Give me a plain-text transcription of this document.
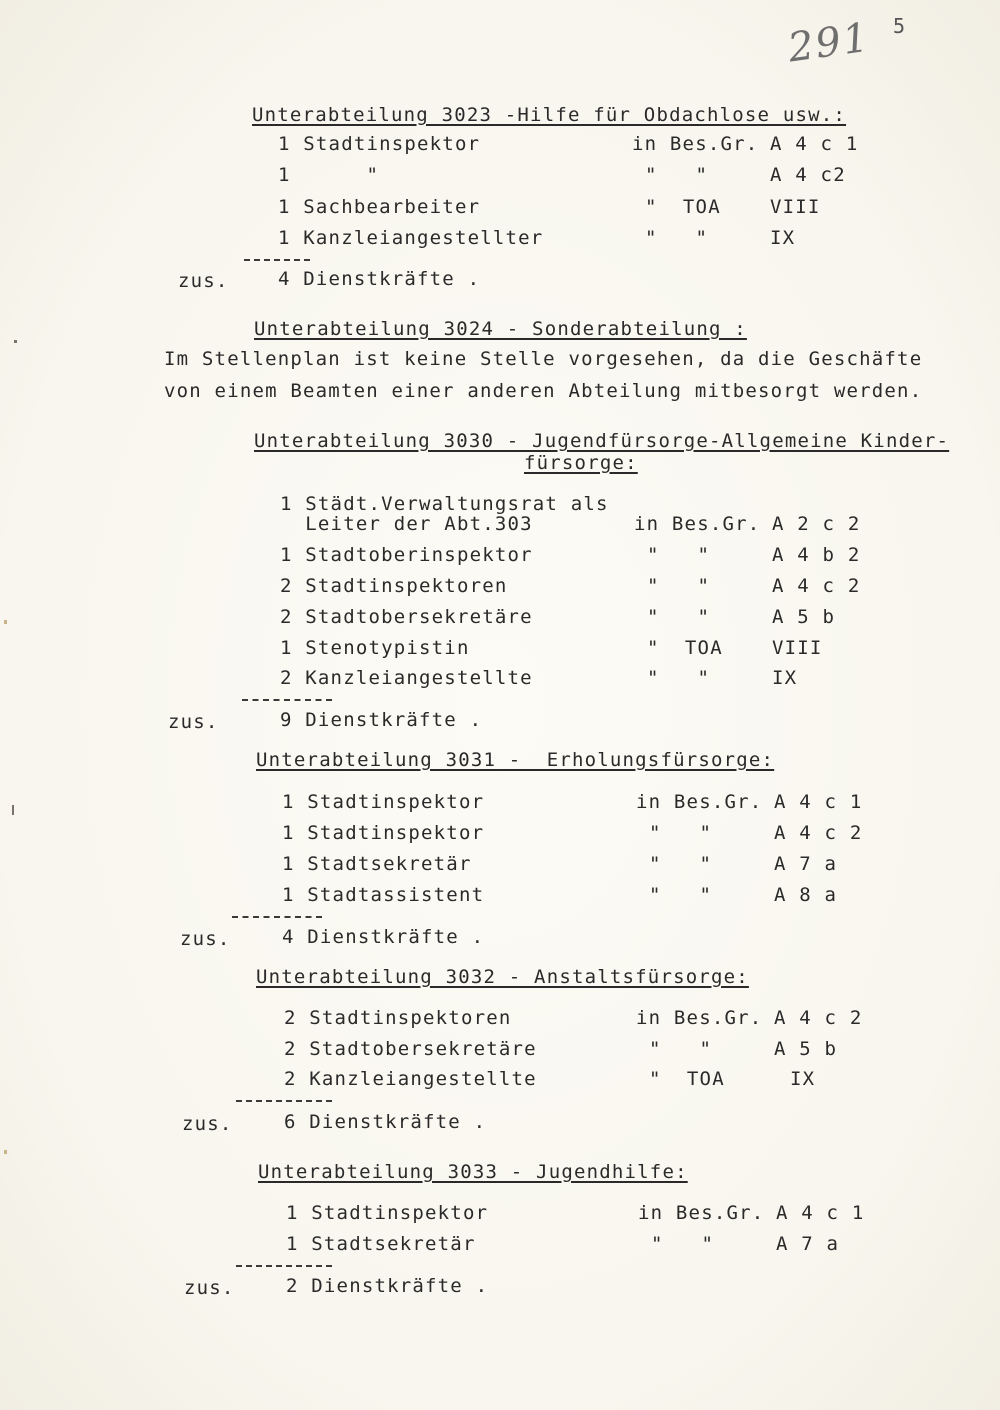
291 5
Unterabteilung 3023 -Hilfe für Obdachlose usw.:
1 Stadtinspektor	in Bes.Gr. A 4 c 1
1      "	"   "	A 4 c2
1 Sachbearbeiter	"  TOA	VIII
1 Kanzleiangestellter	"   "	IX
zus.	4 Dienstkräfte .
Unterabteilung 3024 - Sonderabteilung :
Im Stellenplan ist keine Stelle vorgesehen, da die Geschäfte
von einem Beamten einer anderen Abteilung mitbesorgt werden.
Unterabteilung 3030 - Jugendfürsorge-Allgemeine Kinder-
fürsorge:
1 Städt.Verwaltungsrat als
Leiter der Abt.303	in Bes.Gr. A 2 c 2
1 Stadtoberinspektor	"   "	A 4 b 2
2 Stadtinspektoren	"   "	A 4 c 2
2 Stadtobersekretäre	"   "	A 5 b
1 Stenotypistin	"  TOA	VIII
2 Kanzleiangestellte	"   "	IX
zus.	9 Dienstkräfte .
Unterabteilung 3031 -  Erholungsfürsorge:
1 Stadtinspektor	in Bes.Gr. A 4 c 1
1 Stadtinspektor	"   "	A 4 c 2
1 Stadtsekretär	"   "	A 7 a
1 Stadtassistent	"   "	A 8 a
zus.	4 Dienstkräfte .
Unterabteilung 3032 - Anstaltsfürsorge:
2 Stadtinspektoren	in Bes.Gr. A 4 c 2
2 Stadtobersekretäre	"   "	A 5 b
2 Kanzleiangestellte	"  TOA	IX
zus.	6 Dienstkräfte .
Unterabteilung 3033 - Jugendhilfe:
1 Stadtinspektor	in Bes.Gr. A 4 c 1
1 Stadtsekretär	"   "	A 7 a
zus.	2 Dienstkräfte .
